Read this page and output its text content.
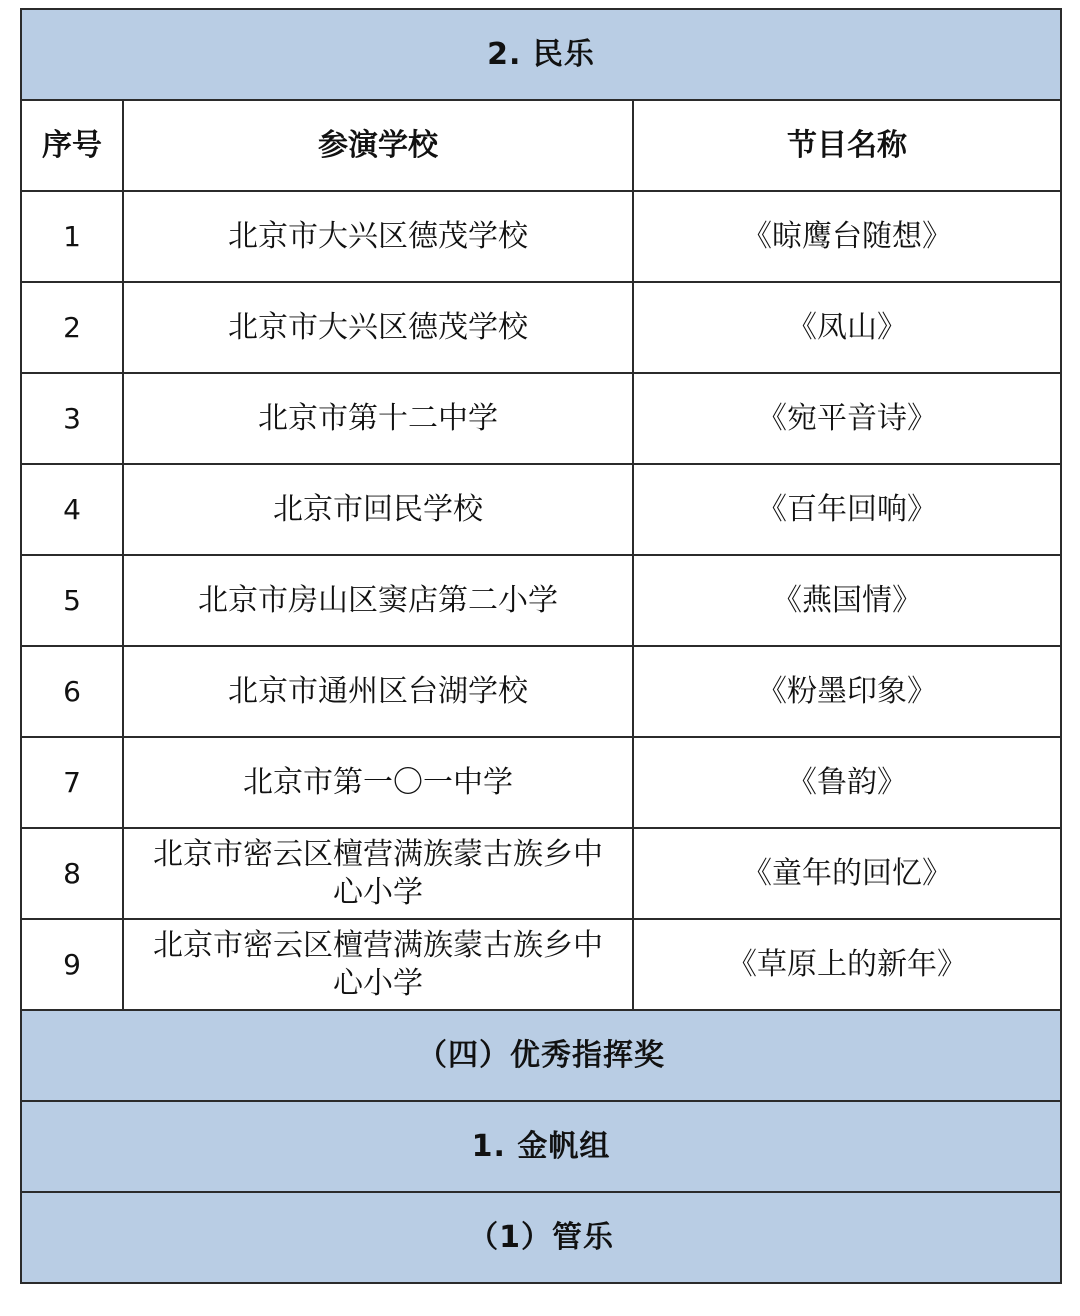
2. 民乐		
序号	参演学校	节目名称
1	北京市大兴区德茂学校	《晾鹰台随想》
2	北京市大兴区德茂学校	《凤山》
3	北京市第十二中学	《宛平音诗》
4	北京市回民学校	《百年回响》
5	北京市房山区窦店第二小学	《燕国情》
6	北京市通州区台湖学校	《粉墨印象》
7	北京市第一〇一中学	《鲁韵》
8	北京市密云区檀营满族蒙古族乡中心小学	《童年的回忆》
9	北京市密云区檀营满族蒙古族乡中心小学	《草原上的新年》
（四）优秀指挥奖		
1. 金帆组		
（1）管乐		
